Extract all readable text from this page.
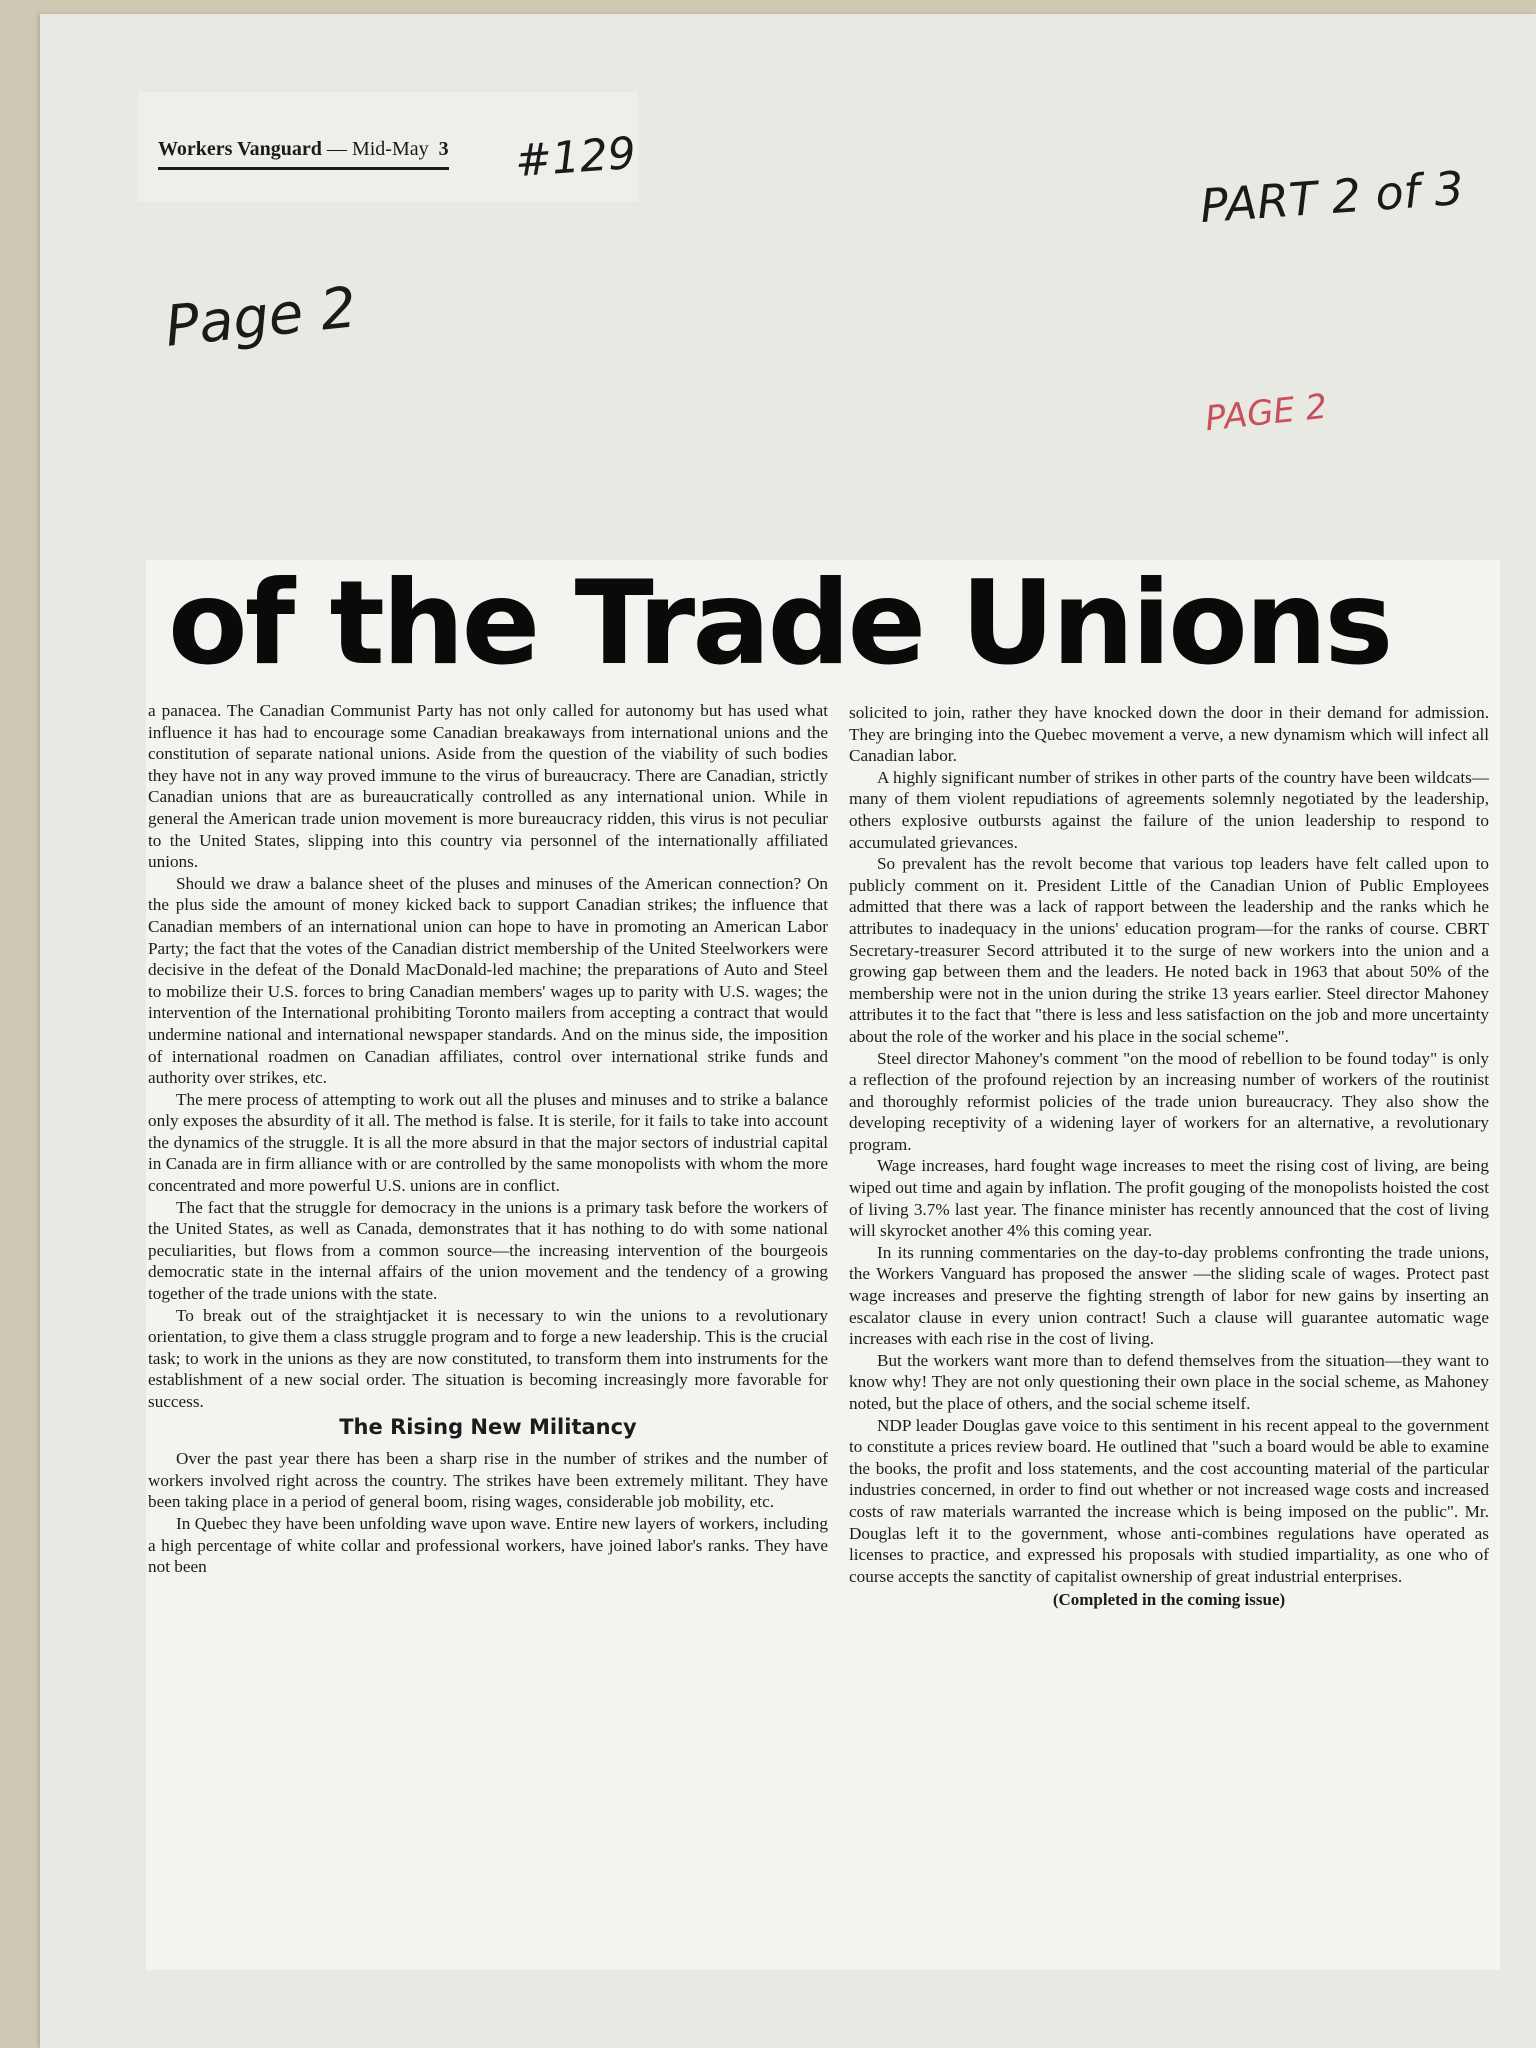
Workers Vanguard — Mid-May 3 #129
PART 2 of 3
Page 2
PAGE 2
of the Trade Unions

a panacea. The Canadian Communist Party has not only called for autonomy but has used what influence it has had to encourage some Canadian breakaways from international unions and the constitution of separate national unions. Aside from the question of the viability of such bodies they have not in any way proved immune to the virus of bureaucracy. There are Canadian, strictly Canadian unions that are as bureaucratically controlled as any international union. While in general the American trade union movement is more bureaucracy ridden, this virus is not peculiar to the United States, slipping into this country via personnel of the internationally affiliated unions.

Should we draw a balance sheet of the pluses and minuses of the American connection? On the plus side the amount of money kicked back to support Canadian strikes; the influence that Canadian members of an international union can hope to have in promoting an American Labor Party; the fact that the votes of the Canadian district membership of the United Steelworkers were decisive in the defeat of the Donald MacDonald-led machine; the preparations of Auto and Steel to mobilize their U.S. forces to bring Canadian members' wages up to parity with U.S. wages; the intervention of the International prohibiting Toronto mailers from accepting a contract that would undermine national and international newspaper standards. And on the minus side, the imposition of international roadmen on Canadian affiliates, control over international strike funds and authority over strikes, etc.

The mere process of attempting to work out all the pluses and minuses and to strike a balance only exposes the absurdity of it all. The method is false. It is sterile, for it fails to take into account the dynamics of the struggle. It is all the more absurd in that the major sectors of industrial capital in Canada are in firm alliance with or are controlled by the same monopolists with whom the more concentrated and more powerful U.S. unions are in conflict.

The fact that the struggle for democracy in the unions is a primary task before the workers of the United States, as well as Canada, demonstrates that it has nothing to do with some national peculiarities, but flows from a common source—the increasing intervention of the bourgeois democratic state in the internal affairs of the union movement and the tendency of a growing together of the trade unions with the state.

To break out of the straightjacket it is necessary to win the unions to a revolutionary orientation, to give them a class struggle program and to forge a new leadership. This is the crucial task; to work in the unions as they are now constituted, to transform them into instruments for the establishment of a new social order. The situation is becoming increasingly more favorable for success.

The Rising New Militancy

Over the past year there has been a sharp rise in the number of strikes and the number of workers involved right across the country. The strikes have been extremely militant. They have been taking place in a period of general boom, rising wages, considerable job mobility, etc.

In Quebec they have been unfolding wave upon wave. Entire new layers of workers, including a high percentage of white collar and professional workers, have joined labor's ranks. They have not been

solicited to join, rather they have knocked down the door in their demand for admission. They are bringing into the Quebec movement a verve, a new dynamism which will infect all Canadian labor.

A highly significant number of strikes in other parts of the country have been wildcats—many of them violent repudiations of agreements solemnly negotiated by the leadership, others explosive outbursts against the failure of the union leadership to respond to accumulated grievances.

So prevalent has the revolt become that various top leaders have felt called upon to publicly comment on it. President Little of the Canadian Union of Public Employees admitted that there was a lack of rapport between the leadership and the ranks which he attributes to inadequacy in the unions' education program—for the ranks of course. CBRT Secretary-treasurer Secord attributed it to the surge of new workers into the union and a growing gap between them and the leaders. He noted back in 1963 that about 50% of the membership were not in the union during the strike 13 years earlier. Steel director Mahoney attributes it to the fact that "there is less and less satisfaction on the job and more uncertainty about the role of the worker and his place in the social scheme".

Steel director Mahoney's comment "on the mood of rebellion to be found today" is only a reflection of the profound rejection by an increasing number of workers of the routinist and thoroughly reformist policies of the trade union bureaucracy. They also show the developing receptivity of a widening layer of workers for an alternative, a revolutionary program.

Wage increases, hard fought wage increases to meet the rising cost of living, are being wiped out time and again by inflation. The profit gouging of the monopolists hoisted the cost of living 3.7% last year. The finance minister has recently announced that the cost of living will skyrocket another 4% this coming year.

In its running commentaries on the day-to-day problems confronting the trade unions, the Workers Vanguard has proposed the answer —the sliding scale of wages. Protect past wage increases and preserve the fighting strength of labor for new gains by inserting an escalator clause in every union contract! Such a clause will guarantee automatic wage increases with each rise in the cost of living.

But the workers want more than to defend themselves from the situation—they want to know why! They are not only questioning their own place in the social scheme, as Mahoney noted, but the place of others, and the social scheme itself.

NDP leader Douglas gave voice to this sentiment in his recent appeal to the government to constitute a prices review board. He outlined that "such a board would be able to examine the books, the profit and loss statements, and the cost accounting material of the particular industries concerned, in order to find out whether or not increased wage costs and increased costs of raw materials warranted the increase which is being imposed on the public". Mr. Douglas left it to the government, whose anti-combines regulations have operated as licenses to practice, and expressed his proposals with studied impartiality, as one who of course accepts the sanctity of capitalist ownership of great industrial enterprises.

(Completed in the coming issue)
